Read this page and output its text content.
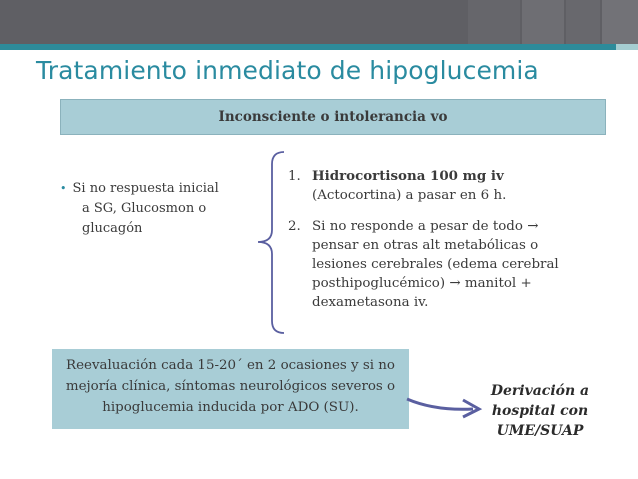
Tratamiento inmediato de hipoglucemia
Inconsciente o intolerancia vo
• Si no respuesta inicial
a SG, Glucosmon o
glucagón
1. Hidrocortisona 100 mg iv
(Actocortina) a pasar en 6 h.
2. Si no responde a pesar de todo → pensar en otras alt metabólicas o lesiones cerebrales (edema cerebral posthipoglucémico) → manitol + dexametasona iv.
Reevaluación cada 15-20´ en 2 ocasiones y si no
mejoría clínica, síntomas neurológicos severos o
hipoglucemia inducida por ADO (SU).
Derivación a
hospital con
UME/SUAP
